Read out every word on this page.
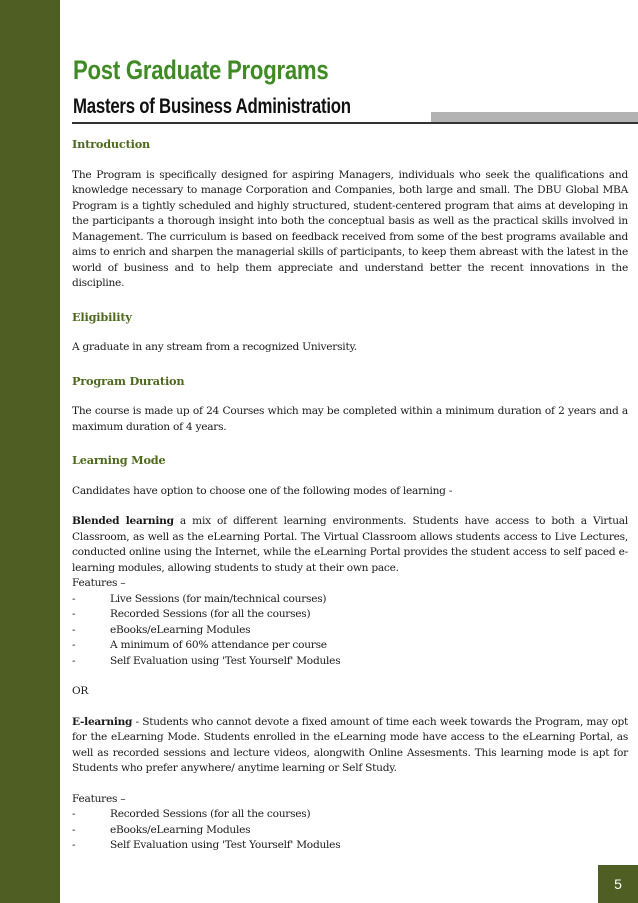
Post Graduate Programs
Masters of Business Administration

Introduction

The Program is specifically designed for aspiring Managers, individuals who seek the qualifications and knowledge necessary to manage Corporation and Companies, both large and small. The DBU Global MBA Program is a tightly scheduled and highly structured, student-centered program that aims at developing in the participants a thorough insight into both the conceptual basis as well as the practical skills involved in Management. The curriculum is based on feedback received from some of the best programs available and aims to enrich and sharpen the managerial skills of participants, to keep them abreast with the latest in the world of business and to help them appreciate and understand better the recent innovations in the discipline.

Eligibility

A graduate in any stream from a recognized University.

Program Duration

The course is made up of 24 Courses which may be completed within a minimum duration of 2 years and a maximum duration of 4 years.

Learning Mode

Candidates have option to choose one of the following modes of learning -

Blended learning a mix of different learning environments. Students have access to both a Virtual Classroom, as well as the eLearning Portal. The Virtual Classroom allows students access to Live Lectures, conducted online using the Internet, while the eLearning Portal provides the student access to self paced e-learning modules, allowing students to study at their own pace.

Features –

-	Live Sessions (for main/technical courses)
-	Recorded Sessions (for all the courses)
-	eBooks/eLearning Modules
-	A minimum of 60% attendance per course
-	Self Evaluation using 'Test Yourself' Modules

OR

E-learning - Students who cannot devote a fixed amount of time each week towards the Program, may opt for the eLearning Mode. Students enrolled in the eLearning mode have access to the eLearning Portal, as well as recorded sessions and lecture videos, alongwith Online Assesments. This learning mode is apt for Students who prefer anywhere/ anytime learning or Self Study.

Features –

-	Recorded Sessions (for all the courses)
-	eBooks/eLearning Modules
-	Self Evaluation using 'Test Yourself' Modules
5
